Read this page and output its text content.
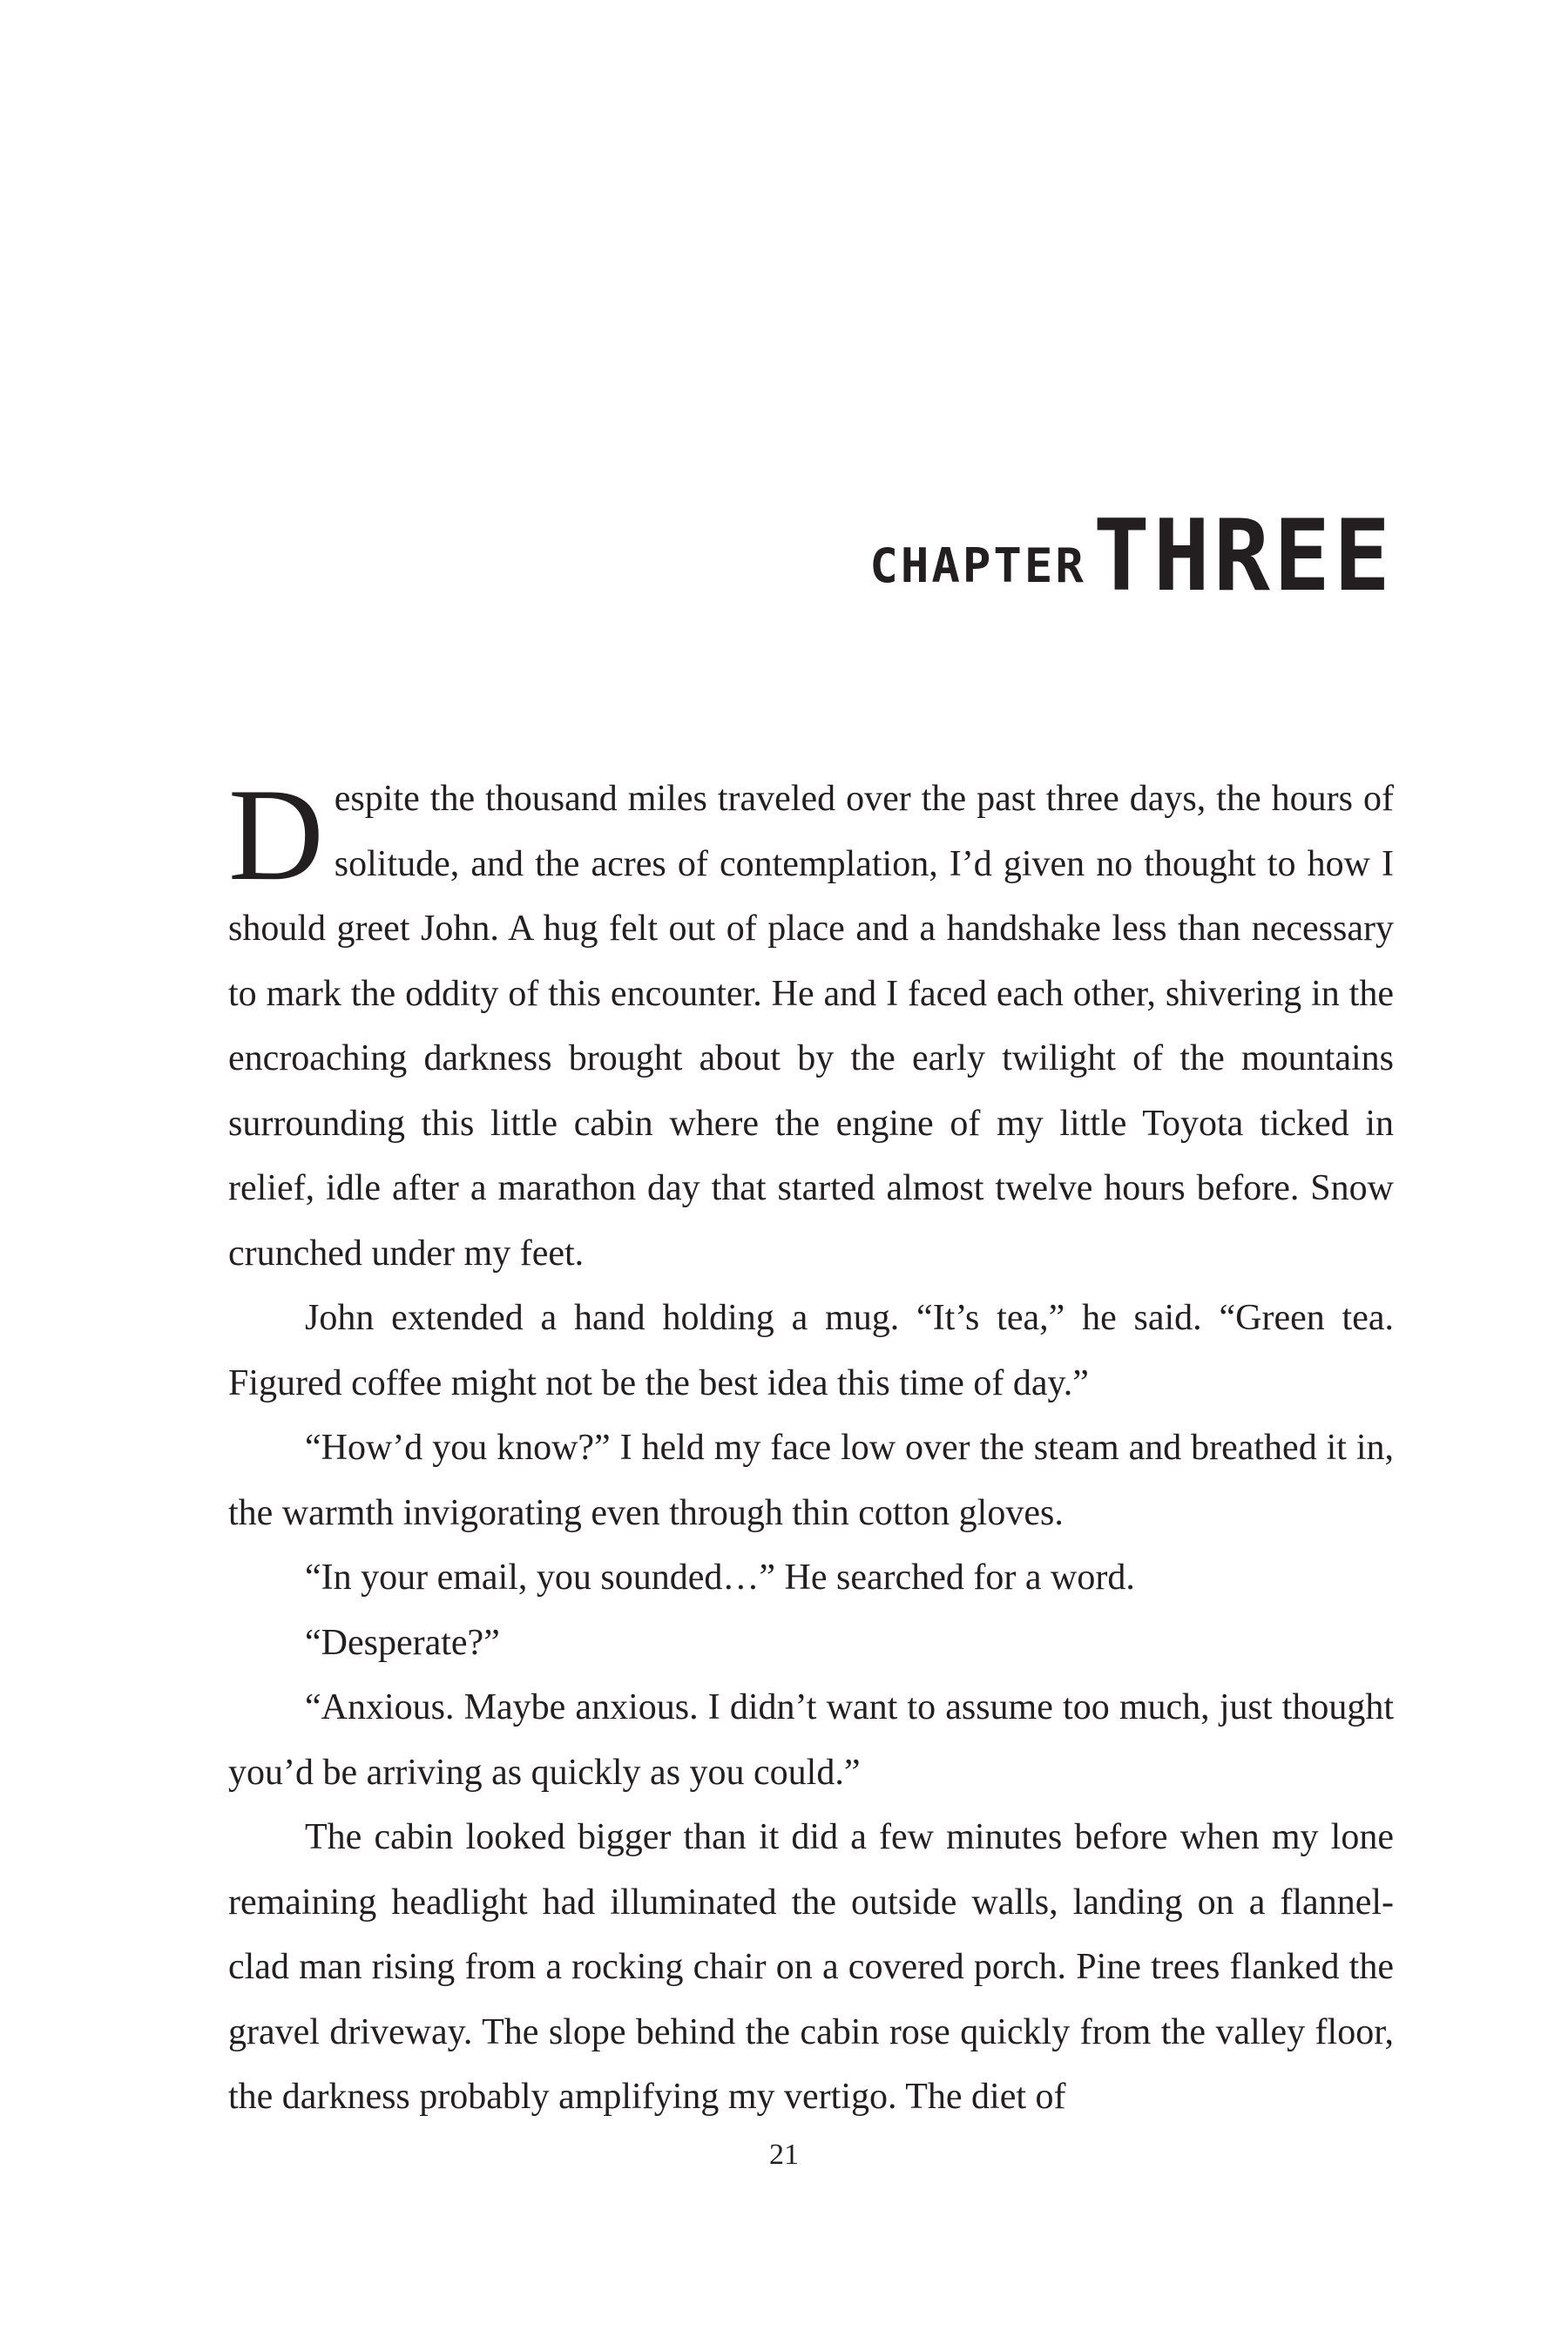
CHAPTER THREE

Despite the thousand miles traveled over the past three days, the hours of solitude, and the acres of contemplation, I’d given no thought to how I should greet John. A hug felt out of place and a handshake less than necessary to mark the oddity of this encounter. He and I faced each other, shivering in the encroaching darkness brought about by the early twilight of the mountains surrounding this little cabin where the engine of my little Toyota ticked in relief, idle after a marathon day that started almost twelve hours before. Snow crunched under my feet.

John extended a hand holding a mug. “It’s tea,” he said. “Green tea. Figured coffee might not be the best idea this time of day.”

“How’d you know?” I held my face low over the steam and breathed it in, the warmth invigorating even through thin cotton gloves.

“In your email, you sounded…” He searched for a word.

“Desperate?”

“Anxious. Maybe anxious. I didn’t want to assume too much, just thought you’d be arriving as quickly as you could.”

The cabin looked bigger than it did a few minutes before when my lone remaining headlight had illuminated the outside walls, landing on a flannel-clad man rising from a rocking chair on a covered porch. Pine trees flanked the gravel driveway. The slope behind the cabin rose quickly from the valley floor, the darkness probably amplifying my vertigo. The diet of

21
